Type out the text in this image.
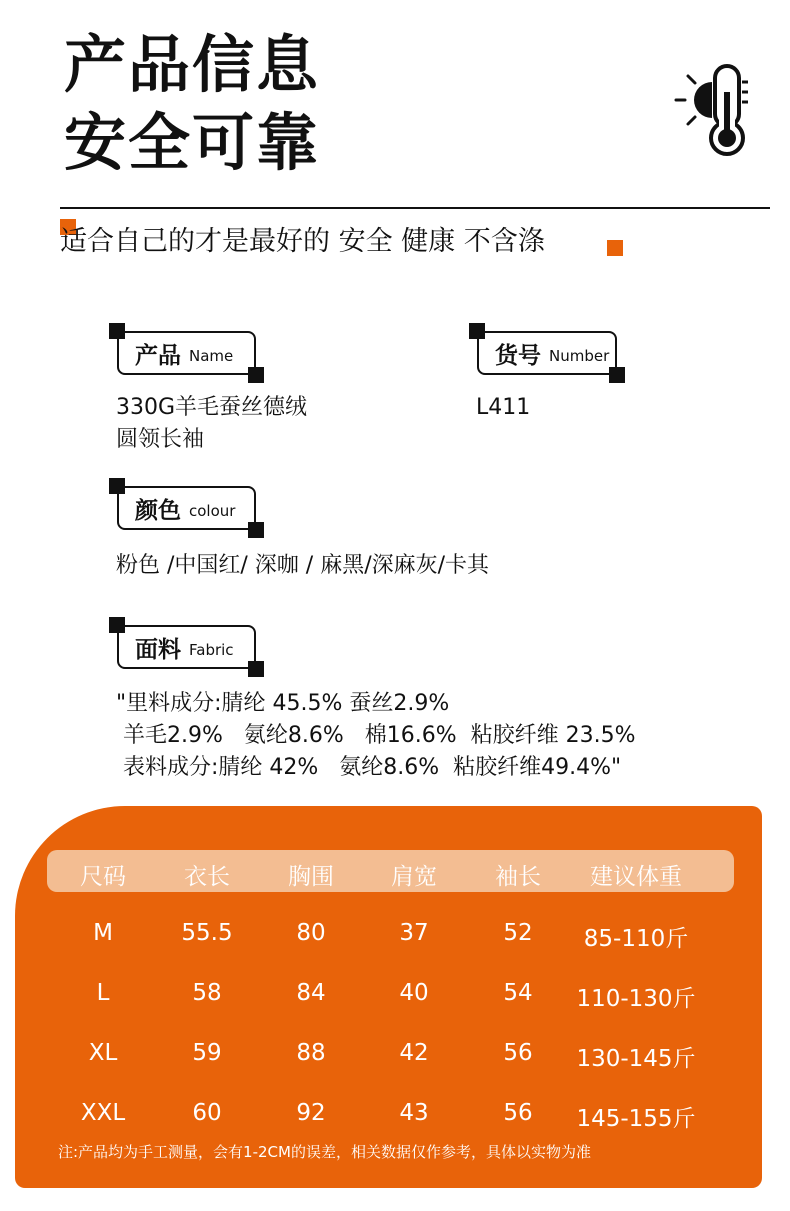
产品信息
安全可靠
适合自己的才是最好的 安全 健康 不含涤
产品 Name
330G羊毛蚕丝德绒
圆领长袖
货号 Number
L411
颜色 colour
粉色 /中国红/ 深咖 / 麻黑/深麻灰/卡其
面料 Fabric
"里料成分:腈纶 45.5% 蚕丝2.9%
羊毛2.9%   氨纶8.6%   棉16.6%  粘胶纤维 23.5%
表料成分:腈纶 42%   氨纶8.6%  粘胶纤维49.4%"
尺码	衣长	胸围 肩宽	袖长 建议体重
M	55.5	80	37	52 85-110斤
L	58	84	40	54 110-130斤
XL	59	88	42	56 130-145斤
XXL	60	92	43	56 145-155斤
注:产品均为手工测量，会有1-2CM的误差，相关数据仅作参考，具体以实物为准
